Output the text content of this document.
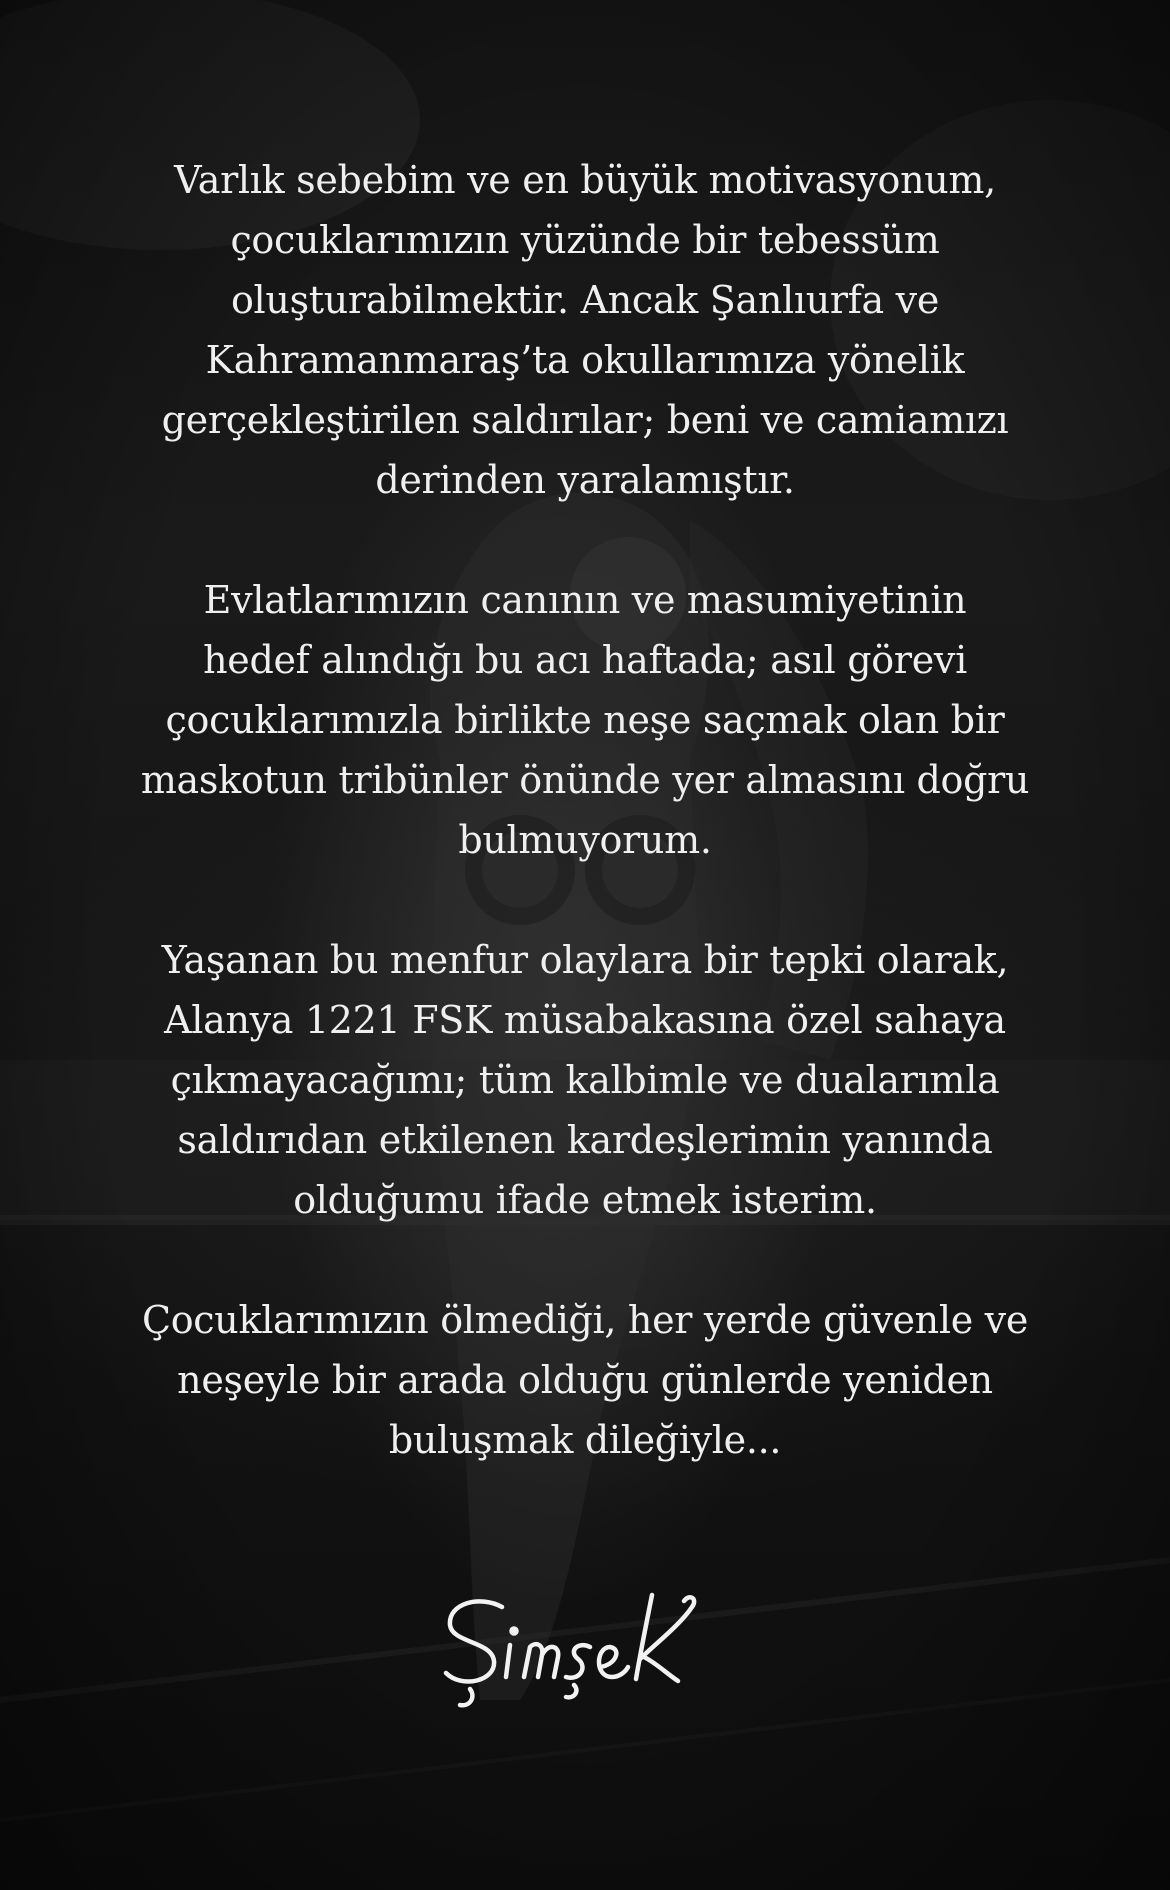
Varlık sebebim ve en büyük motivasyonum,
çocuklarımızın yüzünde bir tebessüm
oluşturabilmektir. Ancak Şanlıurfa ve
Kahramanmaraş’ta okullarımıza yönelik
gerçekleştirilen saldırılar; beni ve camiamızı
derinden yaralamıştır.

Evlatlarımızın canının ve masumiyetinin
hedef alındığı bu acı haftada; asıl görevi
çocuklarımızla birlikte neşe saçmak olan bir
maskotun tribünler önünde yer almasını doğru
bulmuyorum.

Yaşanan bu menfur olaylara bir tepki olarak,
Alanya 1221 FSK müsabakasına özel sahaya
çıkmayacağımı; tüm kalbimle ve dualarımla
saldırıdan etkilenen kardeşlerimin yanında
olduğumu ifade etmek isterim.

Çocuklarımızın ölmediği, her yerde güvenle ve
neşeyle bir arada olduğu günlerde yeniden
buluşmak dileğiyle...
